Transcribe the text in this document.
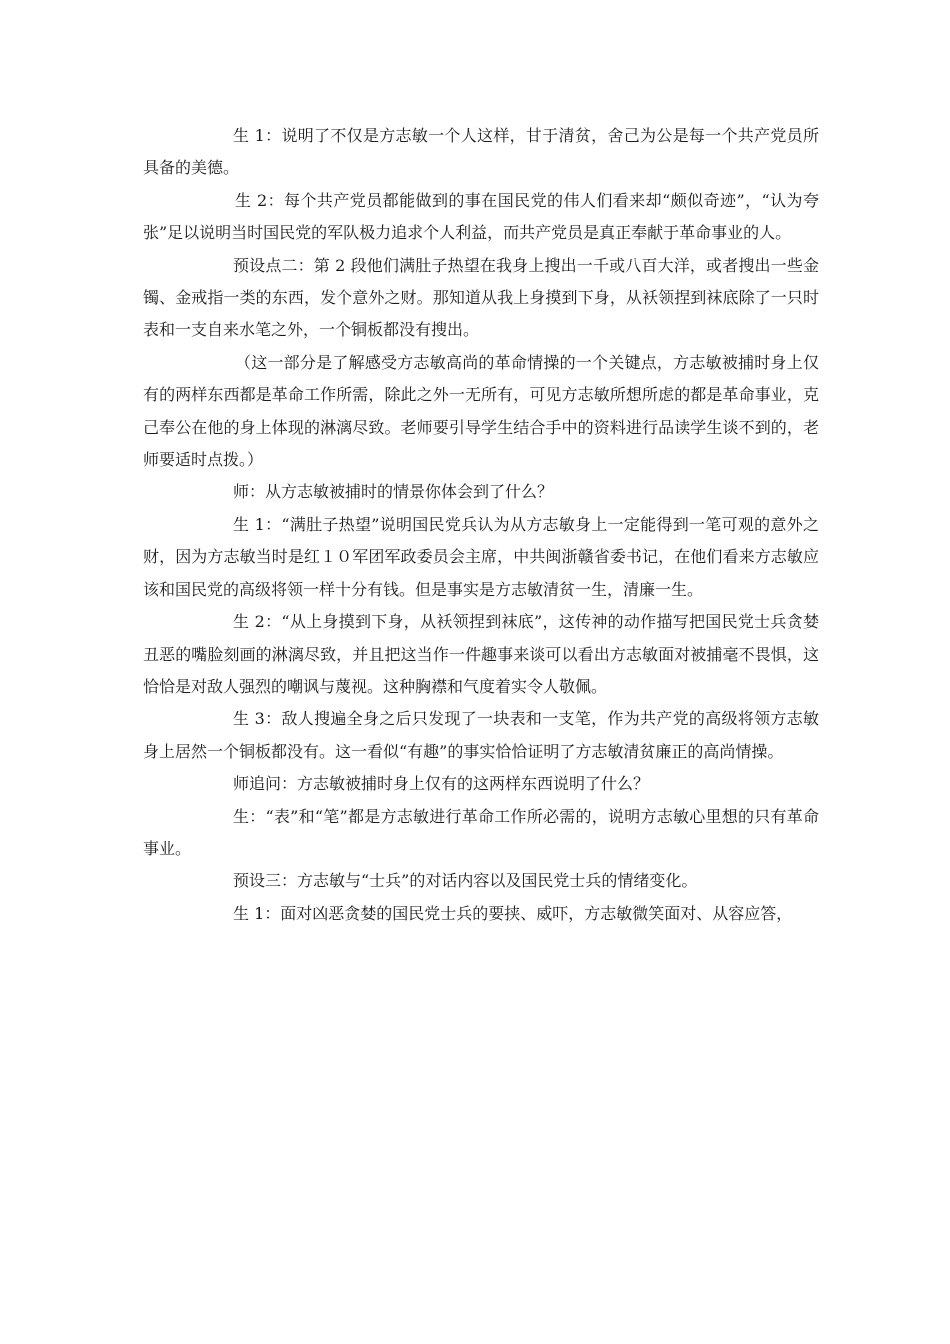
生 1：说明了不仅是方志敏一个人这样，甘于清贫，舍己为公是每一个共产党员所具备的美德。

生 2：每个共产党员都能做到的事在国民党的伟人们看来却“颇似奇迹”，“认为夸张”足以说明当时国民党的军队极力追求个人利益，而共产党员是真正奉献于革命事业的人。

预设点二：第 2 段他们满肚子热望在我身上搜出一千或八百大洋，或者搜出一些金镯、金戒指一类的东西，发个意外之财。那知道从我上身摸到下身，从袄领捏到袜底除了一只时表和一支自来水笔之外，一个铜板都没有搜出。

（这一部分是了解感受方志敏高尚的革命情操的一个关键点，方志敏被捕时身上仅有的两样东西都是革命工作所需，除此之外一无所有，可见方志敏所想所虑的都是革命事业，克己奉公在他的身上体现的淋漓尽致。老师要引导学生结合手中的资料进行品读学生谈不到的，老师要适时点拨。）

师：从方志敏被捕时的情景你体会到了什么？

生 1：“满肚子热望”说明国民党兵认为从方志敏身上一定能得到一笔可观的意外之财，因为方志敏当时是红１０军团军政委员会主席，中共闽浙赣省委书记，在他们看来方志敏应该和国民党的高级将领一样十分有钱。但是事实是方志敏清贫一生，清廉一生。

生 2：“从上身摸到下身，从袄领捏到袜底”，这传神的动作描写把国民党士兵贪婪丑恶的嘴脸刻画的淋漓尽致，并且把这当作一件趣事来谈可以看出方志敏面对被捕毫不畏惧，这恰恰是对敌人强烈的嘲讽与蔑视。这种胸襟和气度着实令人敬佩。

生 3：敌人搜遍全身之后只发现了一块表和一支笔，作为共产党的高级将领方志敏身上居然一个铜板都没有。这一看似“有趣”的事实恰恰证明了方志敏清贫廉正的高尚情操。

师追问：方志敏被捕时身上仅有的这两样东西说明了什么？

生：“表”和“笔”都是方志敏进行革命工作所必需的，说明方志敏心里想的只有革命事业。

预设三：方志敏与“士兵”的对话内容以及国民党士兵的情绪变化。

生 1：面对凶恶贪婪的国民党士兵的要挟、威吓，方志敏微笑面对、从容应答，
